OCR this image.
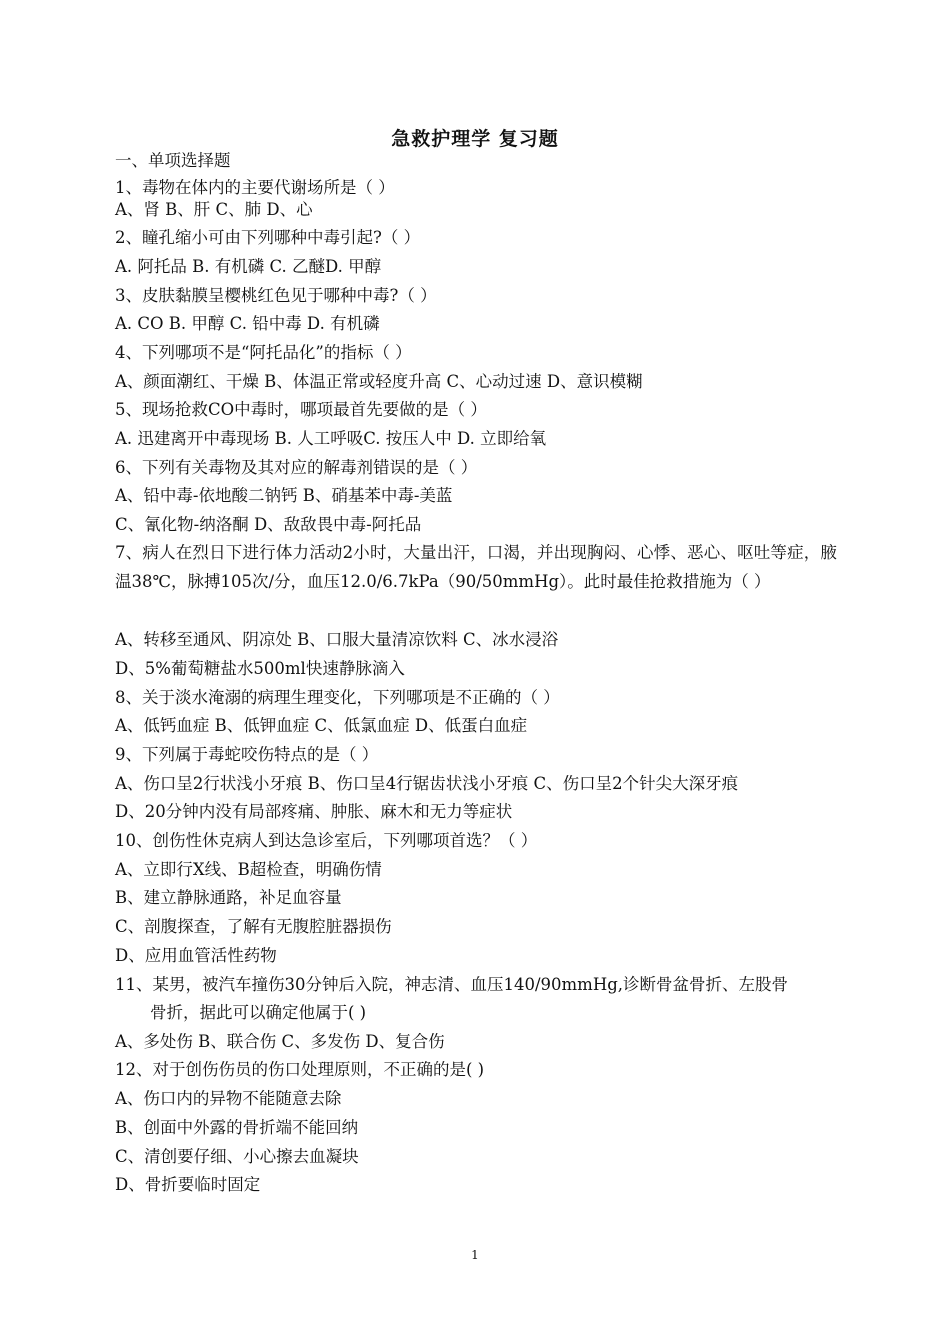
急救护理学 复习题
一、单项选择题
1、毒物在体内的主要代谢场所是（ ）
A、肾 B、肝 C、肺 D、心
2、瞳孔缩小可由下列哪种中毒引起?（ ）
A. 阿托品 B. 有机磷 C. 乙醚D. 甲醇
3、皮肤黏膜呈樱桃红色见于哪种中毒?（ ）
A. CO B. 甲醇 C. 铅中毒 D. 有机磷
4、下列哪项不是“阿托品化”的指标（ ）
A、颜面潮红、干燥 B、体温正常或轻度升高 C、心动过速 D、意识模糊
5、现场抢救CO中毒时，哪项最首先要做的是（ ）
A. 迅建离开中毒现场 B. 人工呼吸C. 按压人中 D. 立即给氧
6、下列有关毒物及其对应的解毒剂错误的是（ ）
A、铅中毒-依地酸二钠钙 B、硝基苯中毒-美蓝
C、氰化物-纳洛酮 D、敌敌畏中毒-阿托品
7、病人在烈日下进行体力活动2小时，大量出汗，口渴，并出现胸闷、心悸、恶心、呕吐等症，腋温38℃，脉搏105次/分，血压12.0/6.7kPa（90/50mmHg）。此时最佳抢救措施为（ ）
A、转移至通风、阴凉处 B、口服大量清凉饮料 C、冰水浸浴
D、5%葡萄糖盐水500ml快速静脉滴入
8、关于淡水淹溺的病理生理变化，下列哪项是不正确的（ ）
A、低钙血症 B、低钾血症 C、低氯血症 D、低蛋白血症
9、下列属于毒蛇咬伤特点的是（ ）
A、伤口呈2行状浅小牙痕 B、伤口呈4行锯齿状浅小牙痕 C、伤口呈2个针尖大深牙痕
D、20分钟内没有局部疼痛、肿胀、麻木和无力等症状
10、创伤性休克病人到达急诊室后，下列哪项首选？（ ）
A、立即行X线、B超检查，明确伤情
B、建立静脉通路，补足血容量
C、剖腹探查，了解有无腹腔脏器损伤
D、应用血管活性药物
11、某男，被汽车撞伤30分钟后入院，神志清、血压140/90mmHg,诊断骨盆骨折、左股骨
骨折，据此可以确定他属于( )
A、多处伤 B、联合伤 C、多发伤 D、复合伤
12、对于创伤伤员的伤口处理原则，不正确的是( )
A、伤口内的异物不能随意去除
B、创面中外露的骨折端不能回纳
C、清创要仔细、小心擦去血凝块
D、骨折要临时固定
1
